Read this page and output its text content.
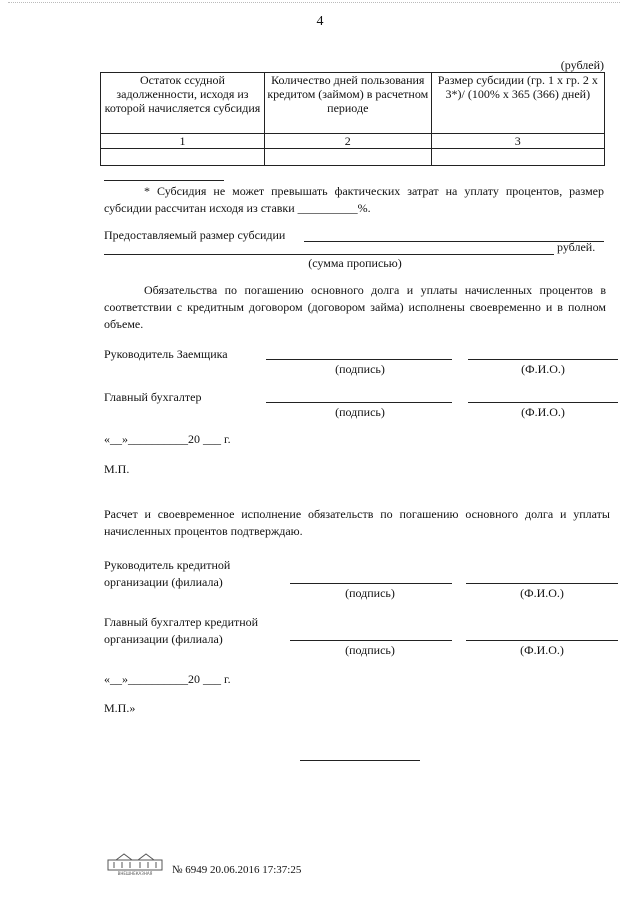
4
(рублей)
Остаток ссудной задолженности, исходя из которой начисляется субсидия	Количество дней пользования кредитом (займом) в расчетном периоде	Размер субсидии (гр. 1 х гр. 2 х 3*)/ (100% х 365 (366) дней)
1	2	3

* Субсидия не может превышать фактических затрат на уплату процентов, размер субсидии рассчитан исходя из ставки __________%.
Предоставляемый размер субсидии
рублей.
(сумма прописью)
Обязательства по погашению основного долга и уплаты начисленных процентов в соответствии с кредитным договором (договором займа) исполнены своевременно и в полном объеме.
Руководитель Заемщика
(подпись)	(Ф.И.О.)
Главный бухгалтер
(подпись)	(Ф.И.О.)
«__»__________20 ___ г.
М.П.
Расчет и своевременное исполнение обязательств по погашению основного долга и уплаты начисленных процентов подтверждаю.
Руководитель кредитной
организации (филиала)
(подпись)	(Ф.И.О.)
Главный бухгалтер кредитной
организации (филиала)
(подпись)	(Ф.И.О.)
«__»__________20 ___ г.
М.П.»
ВНЕШНЕКАЗНАЯ № 6949 20.06.2016 17:37:25
